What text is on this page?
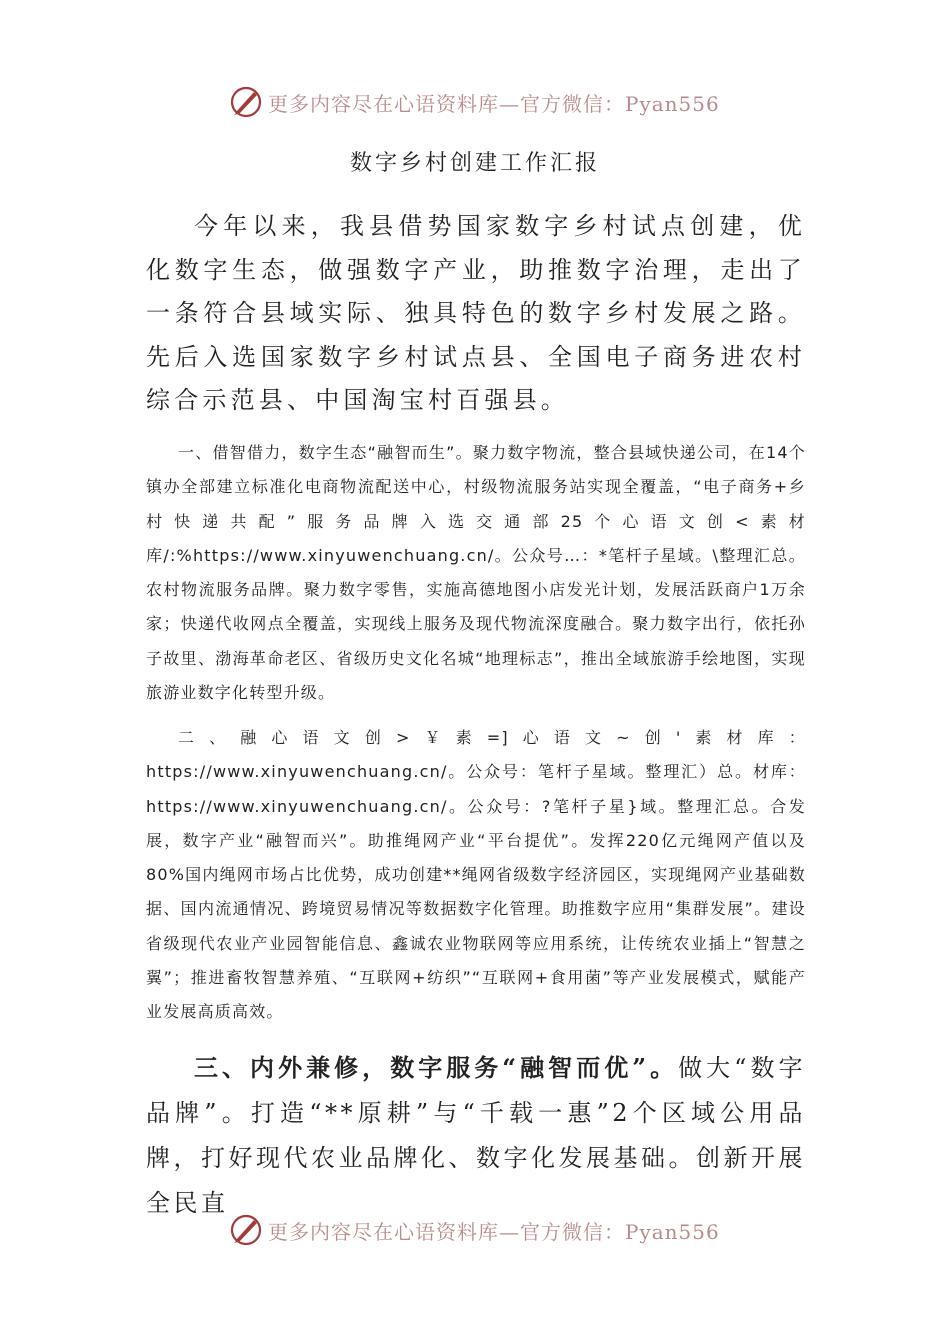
更多内容尽在心语资料库—官方微信：Pyan556
数字乡村创建工作汇报
今年以来，我县借势国家数字乡村试点创建，优化数字生态，做强数字产业，助推数字治理，走出了一条符合县域实际、独具特色的数字乡村发展之路。先后入选国家数字乡村试点县、全国电子商务进农村综合示范县、中国淘宝村百强县。
一、借智借力，数字生态“融智而生”。聚力数字物流，整合县域快递公司，在14个镇办全部建立标准化电商物流配送中心，村级物流服务站实现全覆盖，“电子商务+乡村快递共配”服务品牌入选交通部25个心语文创<素材库/:%https://www.xinyuwenchuang.cn/。公众号…：*笔杆子星域。\整理汇总。农村物流服务品牌。聚力数字零售，实施高德地图小店发光计划，发展活跃商户1万余家；快递代收网点全覆盖，实现线上服务及现代物流深度融合。聚力数字出行，依托孙子故里、渤海革命老区、省级历史文化名城“地理标志”，推出全域旅游手绘地图，实现旅游业数字化转型升级。
二、融心语文创>￥素=]心语文~创'素材库：https://www.xinyuwenchuang.cn/。公众号：笔杆子星域。整理汇）总。材库：https://www.xinyuwenchuang.cn/。公众号：?笔杆子星}域。整理汇总。合发展，数字产业“融智而兴”。助推绳网产业“平台提优”。发挥220亿元绳网产值以及80%国内绳网市场占比优势，成功创建**绳网省级数字经济园区，实现绳网产业基础数据、国内流通情况、跨境贸易情况等数据数字化管理。助推数字应用“集群发展”。建设省级现代农业产业园智能信息、鑫诚农业物联网等应用系统，让传统农业插上“智慧之翼”；推进畜牧智慧养殖、“互联网+纺织”“互联网+食用菌”等产业发展模式，赋能产业发展高质高效。
三、内外兼修，数字服务“融智而优”。做大“数字品牌”。打造“**原耕”与“千载一惠”2个区域公用品牌，打好现代农业品牌化、数字化发展基础。创新开展全民直
更多内容尽在心语资料库—官方微信：Pyan556
